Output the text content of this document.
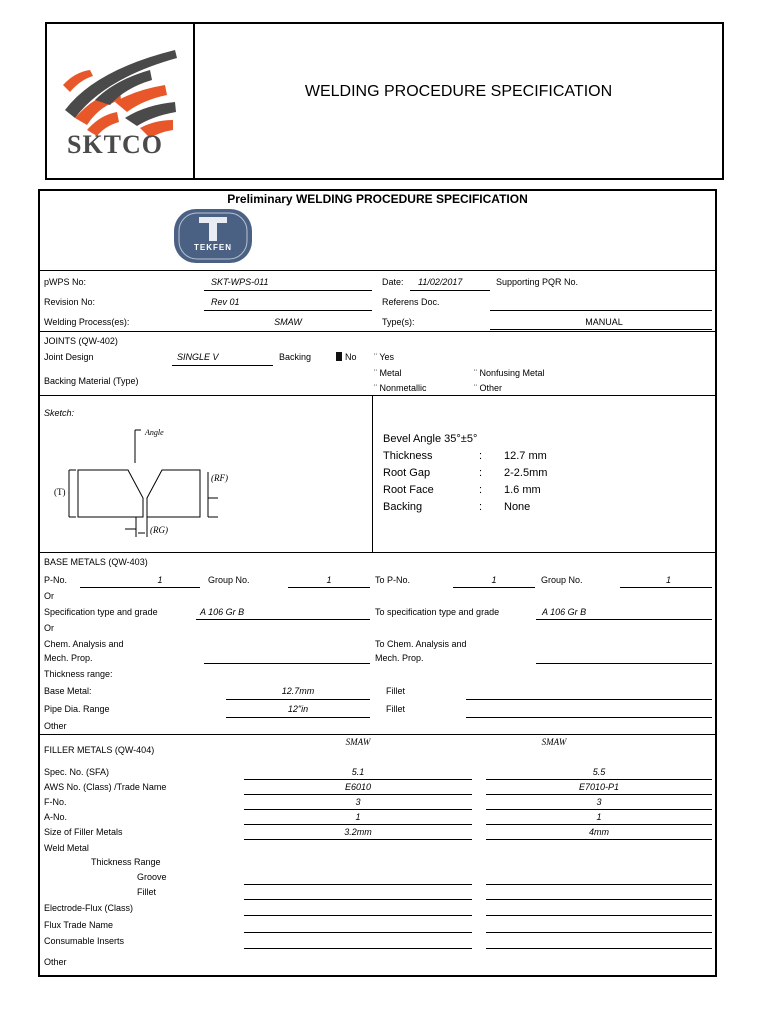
SKTCO
WELDING PROCEDURE SPECIFICATION
Preliminary WELDING PROCEDURE SPECIFICATION
TEKFEN
pWPS No:	SKT-WPS-011	Date: 11/02/2017	Supporting PQR No.
Revision No:	Rev 01	Referens Doc.
Welding Process(es):	SMAW	Type(s):	MANUAL
JOINTS (QW-402)
Joint Design	SINGLE V	Backing	No ¨ Yes
¨ Metal	¨ Nonfusing Metal
Backing Material (Type)
¨ Nonmetallic	¨ Other
Sketch:
Angle
(T)
(RF)
(RG)
Bevel Angle 35°±5°
Thickness	: 12.7 mm
Root Gap	: 2-2.5mm
Root Face	: 1.6 mm
Backing	: None
BASE METALS (QW-403)
P-No.	1	Group No.	1	To P-No.	1	Group No.	1
Or
Specification type and grade	A 106 Gr B	To specification type and grade	A 106 Gr B
Or
Chem. Analysis and
Mech. Prop.
To Chem. Analysis and
Mech. Prop.
Thickness range:
Base Metal:	12.7mm	Fillet
Pipe Dia. Range	12"in	Fillet
Other
FILLER METALS (QW-404)
SMAW	SMAW
Spec. No. (SFA)	5.1	5.5
AWS No. (Class) /Trade Name	E6010	E7010-P1
F-No.	3	3
A-No.	1	1
Size of Filler Metals	3.2mm	4mm
Weld Metal
Thickness Range
Groove
Fillet
Electrode-Flux (Class)
Flux Trade Name
Consumable Inserts
Other
